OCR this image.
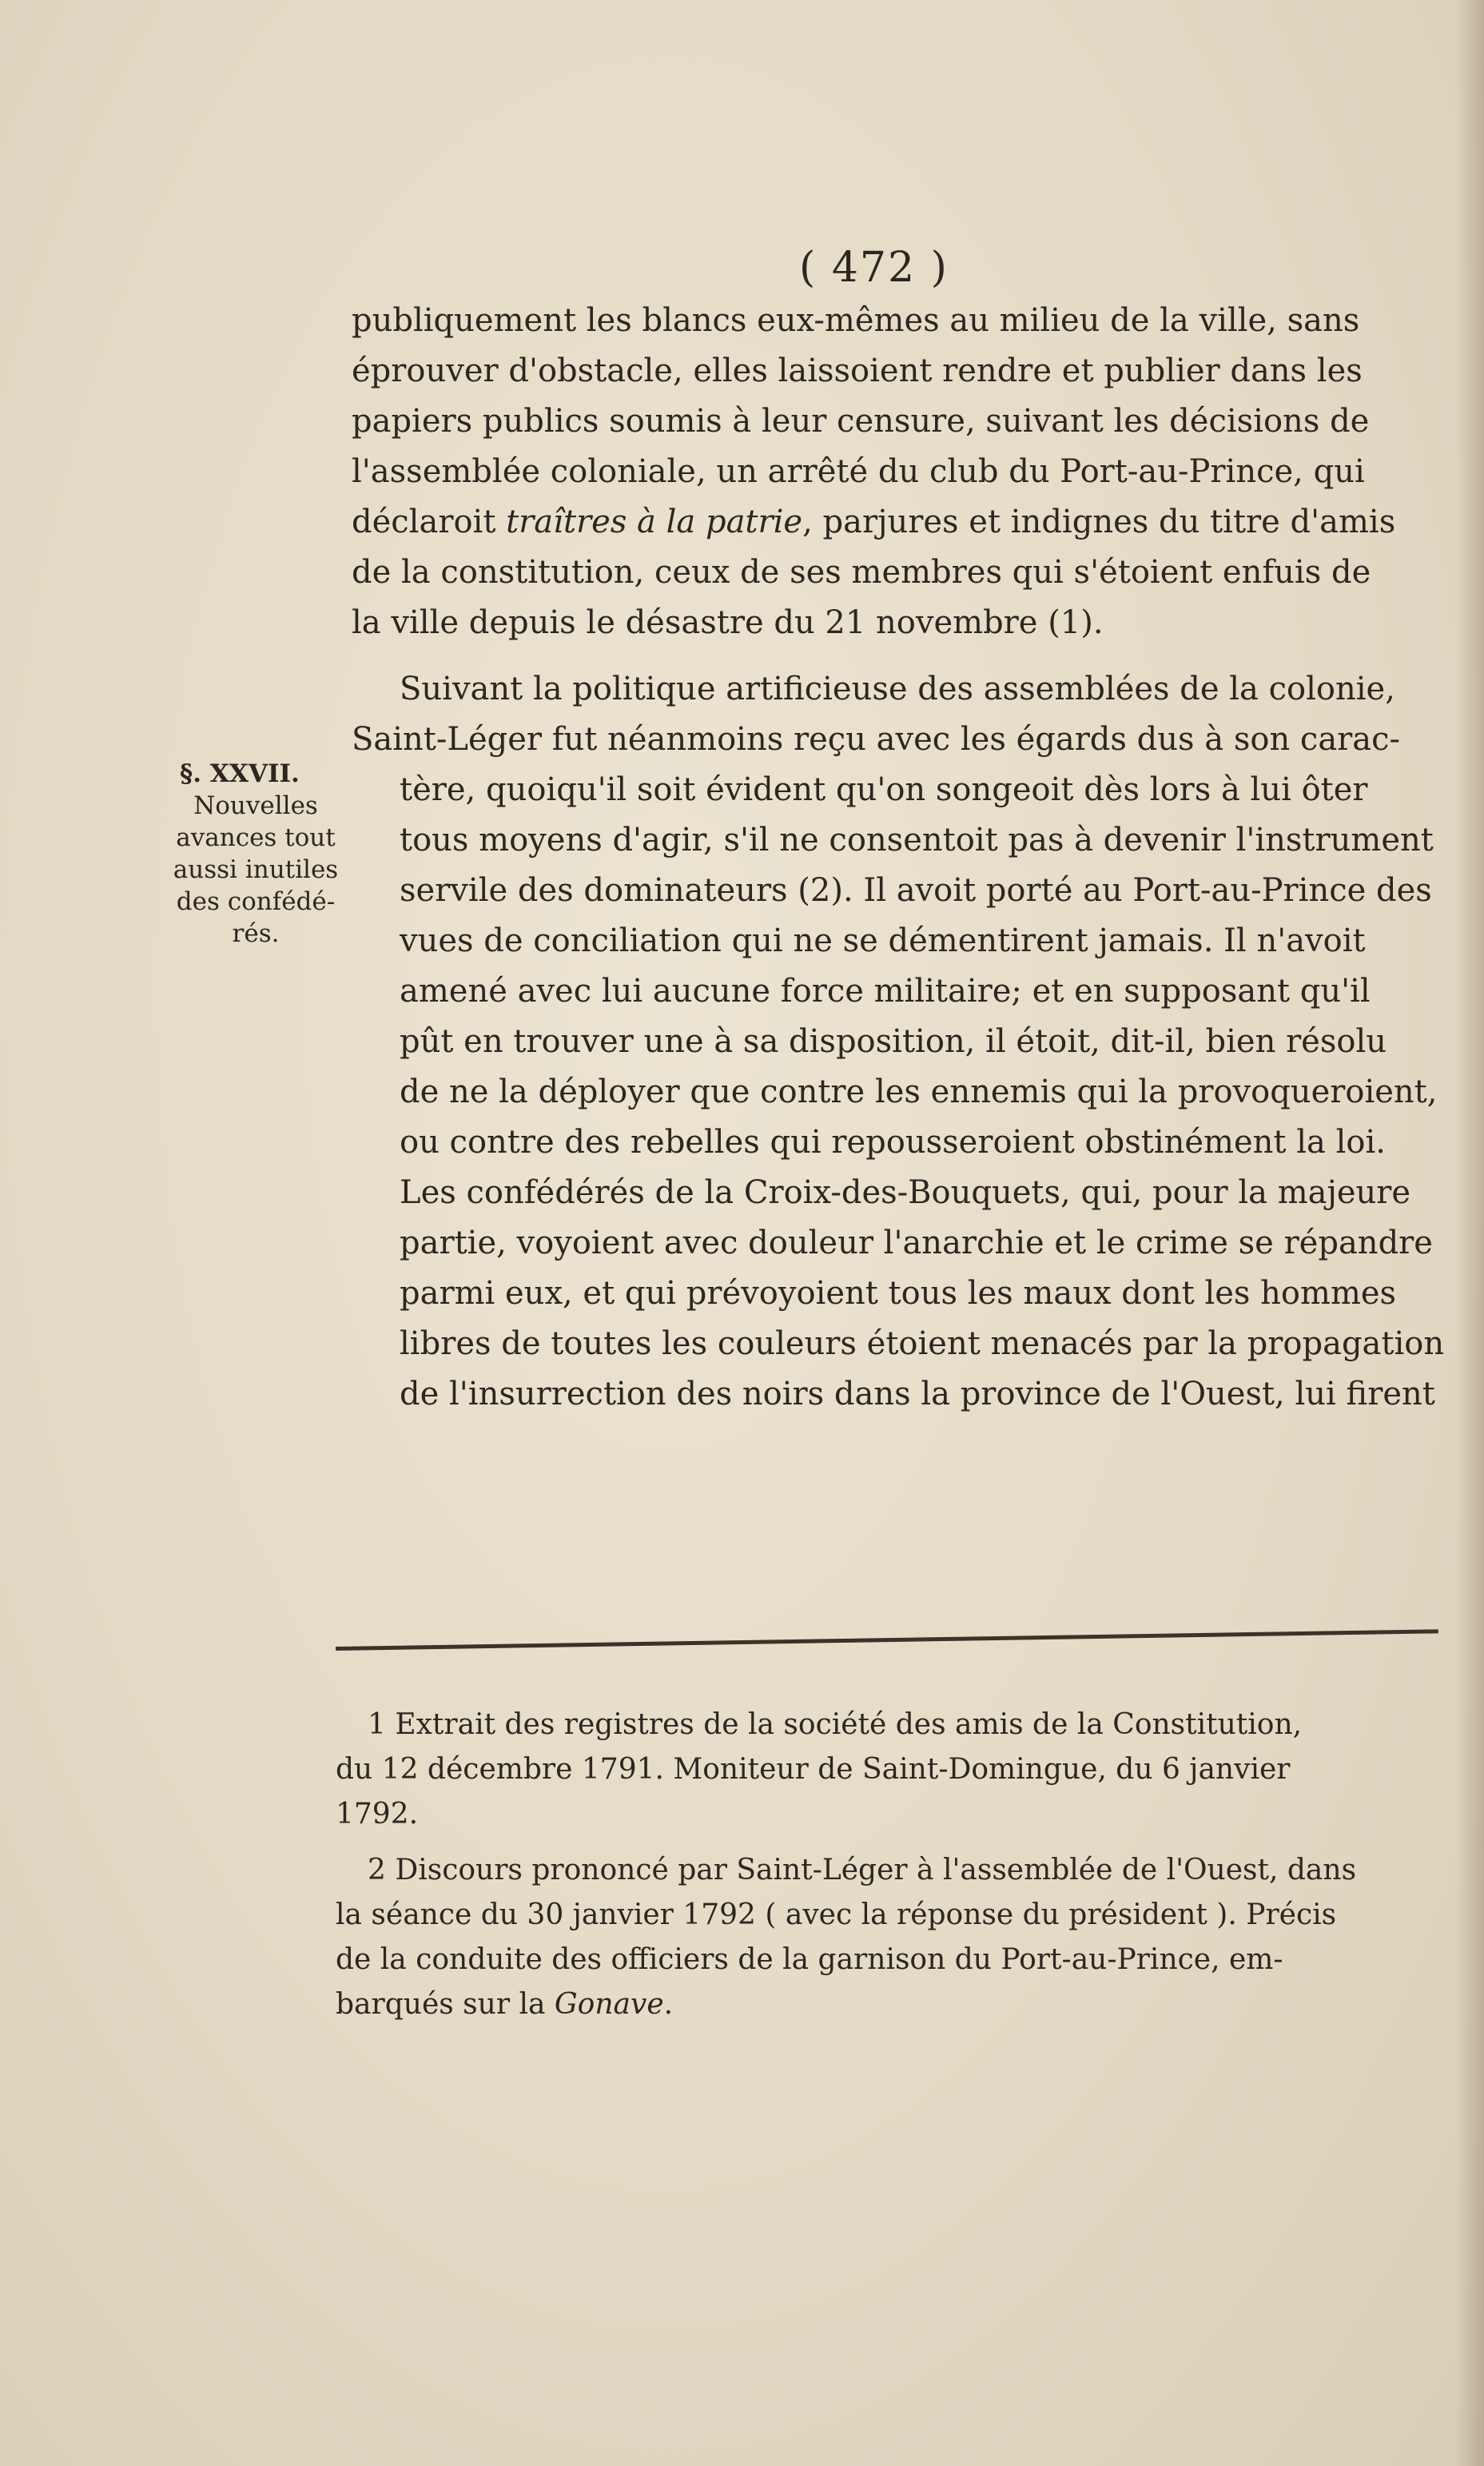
( 472 )
§. XXVII.
Nouvelles
avances tout
aussi inutiles
des confédé-
rés.

publiquement les blancs eux-mêmes au milieu de la ville, sans
éprouver d'obstacle, elles laissoient rendre et publier dans les
papiers publics soumis à leur censure, suivant les décisions de
l'assemblée coloniale, un arrêté du club du Port-au-Prince, qui
déclaroit traîtres à la patrie, parjures et indignes du titre d'amis
de la constitution, ceux de ses membres qui s'étoient enfuis de
la ville depuis le désastre du 21 novembre (1).

Suivant la politique artificieuse des assemblées de la colonie,
Saint-Léger fut néanmoins reçu avec les égards dus à son carac-
tère, quoiqu'il soit évident qu'on songeoit dès lors à lui ôter
tous moyens d'agir, s'il ne consentoit pas à devenir l'instrument
servile des dominateurs (2). Il avoit porté au Port-au-Prince des
vues de conciliation qui ne se démentirent jamais. Il n'avoit
amené avec lui aucune force militaire; et en supposant qu'il
pût en trouver une à sa disposition, il étoit, dit-il, bien résolu
de ne la déployer que contre les ennemis qui la provoqueroient,
ou contre des rebelles qui repousseroient obstinément la loi.
Les confédérés de la Croix-des-Bouquets, qui, pour la majeure
partie, voyoient avec douleur l'anarchie et le crime se répandre
parmi eux, et qui prévoyoient tous les maux dont les hommes
libres de toutes les couleurs étoient menacés par la propagation
de l'insurrection des noirs dans la province de l'Ouest, lui firent

1 Extrait des registres de la société des amis de la Constitution,
du 12 décembre 1791. Moniteur de Saint-Domingue, du 6 janvier
1792.

2 Discours prononcé par Saint-Léger à l'assemblée de l'Ouest, dans
la séance du 30 janvier 1792 ( avec la réponse du président ). Précis
de la conduite des officiers de la garnison du Port-au-Prince, em-
barqués sur la Gonave.
